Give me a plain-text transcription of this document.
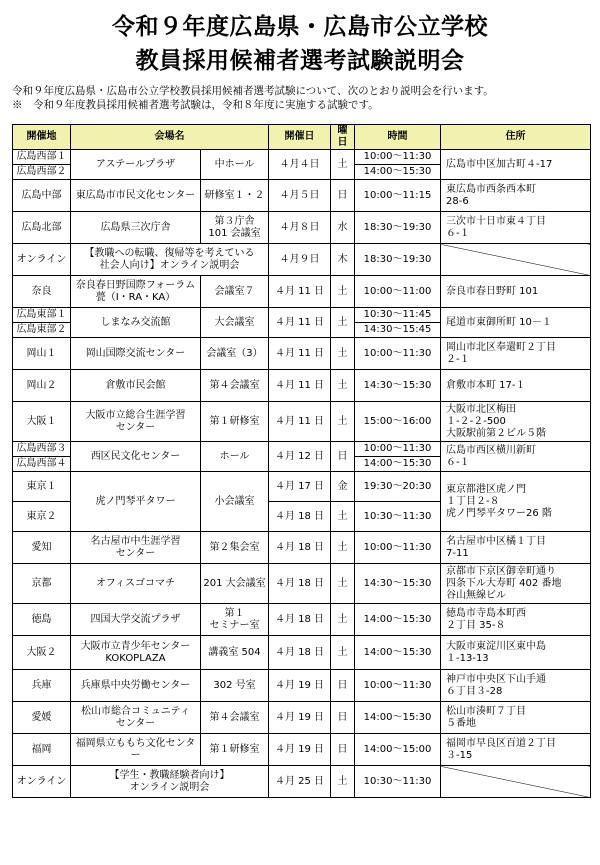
令和９年度広島県・広島市公立学校
教員採用候補者選考試験説明会
令和９年度広島県・広島市公立学校教員採用候補者選考試験について、次のとおり説明会を行います。
※　令和９年度教員採用候補者選考試験は，令和８年度に実施する試験です。
開催地	会場名		開催日	曜日	時間	住所
広島西部１	アステールプラザ	中ホール	４月４日	土	10:00～11:30	広島市中区加古町４-17
広島西部２					14:00～15:30	
広島中部	東広島市市民文化センター	研修室１・２	４月５日	日	10:00～11:15	東広島市西条西本町
28-6
広島北部	広島県三次庁舎	第３庁舎
101 会議室	４月８日	水	18:30～19:30	三次市十日市東４丁目
６-１
オンライン	【教職への転職、復帰等を考えている
社会人向け】オンライン説明会		４月９日	木	18:30～19:30	
奈良	奈良春日野国際フォーラム
甍（I・RA・KA）	会議室７	４月 11 日	土	10:00～11:00	奈良市春日野町 101
広島東部１	しまなみ交流館	大会議室	４月 11 日	土	10:30～11:45	尾道市東御所町 10－１
広島東部２					14:30～15:45	
岡山１	岡山国際交流センター	会議室（3）	４月 11 日	土	10:00～11:30	岡山市北区奉還町２丁目
２-１
岡山２	倉敷市民会館	第４会議室	４月 11 日	土	14:30～15:30	倉敷市本町 17-１
大阪１	大阪市立総合生涯学習
センター	第１研修室	４月 11 日	土	15:00～16:00	大阪市北区梅田
１-２-２-500
大阪駅前第２ビル５階
広島西部３	西区民文化センター	ホール	４月 12 日	日	10:00～11:30	広島市西区横川新町
６-１
広島西部４					14:00～15:30	
東京１	虎ノ門琴平タワー	小会議室	４月 17 日	金	19:30～20:30	東京都港区虎ノ門
１丁目２-８
虎ノ門琴平タワー26 階
東京２			４月 18 日	土	10:30～11:30	
愛知	名古屋市中生涯学習
センター	第２集会室	４月 18 日	土	10:00～11:30	名古屋市中区橘１丁目
7-11
京都	オフィスゴコマチ	201 大会議室	４月 18 日	土	14:30～15:30	京都市下京区御幸町通り
四条下ル大寿町 402 番地
谷山無線ビル
徳島	四国大学交流プラザ	第１
セミナー室	４月 18 日	土	14:00～15:30	徳島市寺島本町西
２丁目 35-８
大阪２	大阪市立青少年センター
KOKOPLAZA	講義室 504	４月 18 日	土	14:00～15:30	大阪市東淀川区東中島
１-13-13
兵庫	兵庫県中央労働センター	302 号室	４月 19 日	日	10:00～11:30	神戸市中央区下山手通
６丁目３-28
愛媛	松山市総合コミュニティ
センター	第４会議室	４月 19 日	日	14:00～15:30	松山市湊町７丁目
５番地
福岡	福岡県立ももち文化センター	第１研修室	４月 19 日	日	14:00～15:00	福岡市早良区百道２丁目
３-15
オンライン	【学生・教職経験者向け】
オンライン説明会		４月 25 日	土	10:30～11:30	
